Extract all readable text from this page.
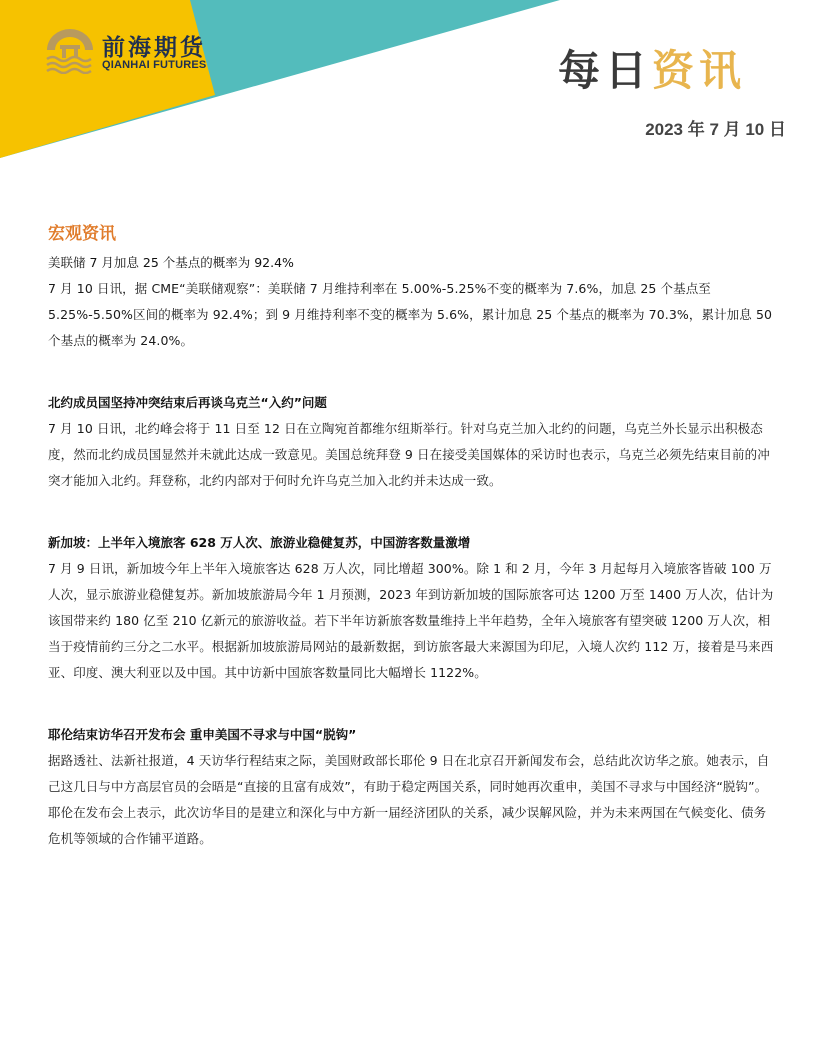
前海期货
QIANHAI FUTURES	每日资讯
2023 年 7 月 10 日
宏观资讯
美联储 7 月加息 25 个基点的概率为 92.4%

7 月 10 日讯，据 CME“美联储观察”：美联储 7 月维持利率在 5.00%-5.25%不变的概率为 7.6%，加息 25 个基点至 5.25%-5.50%区间的概率为 92.4%；到 9 月维持利率不变的概率为 5.6%，累计加息 25 个基点的概率为 70.3%，累计加息 50 个基点的概率为 24.0%。

北约成员国坚持冲突结束后再谈乌克兰“入约”问题

7 月 10 日讯，北约峰会将于 11 日至 12 日在立陶宛首都维尔纽斯举行。针对乌克兰加入北约的问题，乌克兰外长显示出积极态度，然而北约成员国显然并未就此达成一致意见。美国总统拜登 9 日在接受美国媒体的采访时也表示，乌克兰必须先结束目前的冲突才能加入北约。拜登称，北约内部对于何时允许乌克兰加入北约并未达成一致。

新加坡：上半年入境旅客 628 万人次、旅游业稳健复苏，中国游客数量激增

7 月 9 日讯，新加坡今年上半年入境旅客达 628 万人次，同比增超 300%。除 1 和 2 月，今年 3 月起每月入境旅客皆破 100 万人次，显示旅游业稳健复苏。新加坡旅游局今年 1 月预测，2023 年到访新加坡的国际旅客可达 1200 万至 1400 万人次，估计为该国带来约 180 亿至 210 亿新元的旅游收益。若下半年访新旅客数量维持上半年趋势，全年入境旅客有望突破 1200 万人次，相当于疫情前约三分之二水平。根据新加坡旅游局网站的最新数据，到访旅客最大来源国为印尼，入境人次约 112 万，接着是马来西亚、印度、澳大利亚以及中国。其中访新中国旅客数量同比大幅增长 1122%。

耶伦结束访华召开发布会 重申美国不寻求与中国“脱钩”

据路透社、法新社报道，4 天访华行程结束之际，美国财政部长耶伦 9 日在北京召开新闻发布会，总结此次访华之旅。她表示，自己这几日与中方高层官员的会晤是“直接的且富有成效”，有助于稳定两国关系，同时她再次重申，美国不寻求与中国经济“脱钩”。耶伦在发布会上表示，此次访华目的是建立和深化与中方新一届经济团队的关系，减少误解风险，并为未来两国在气候变化、债务危机等领域的合作铺平道路。
